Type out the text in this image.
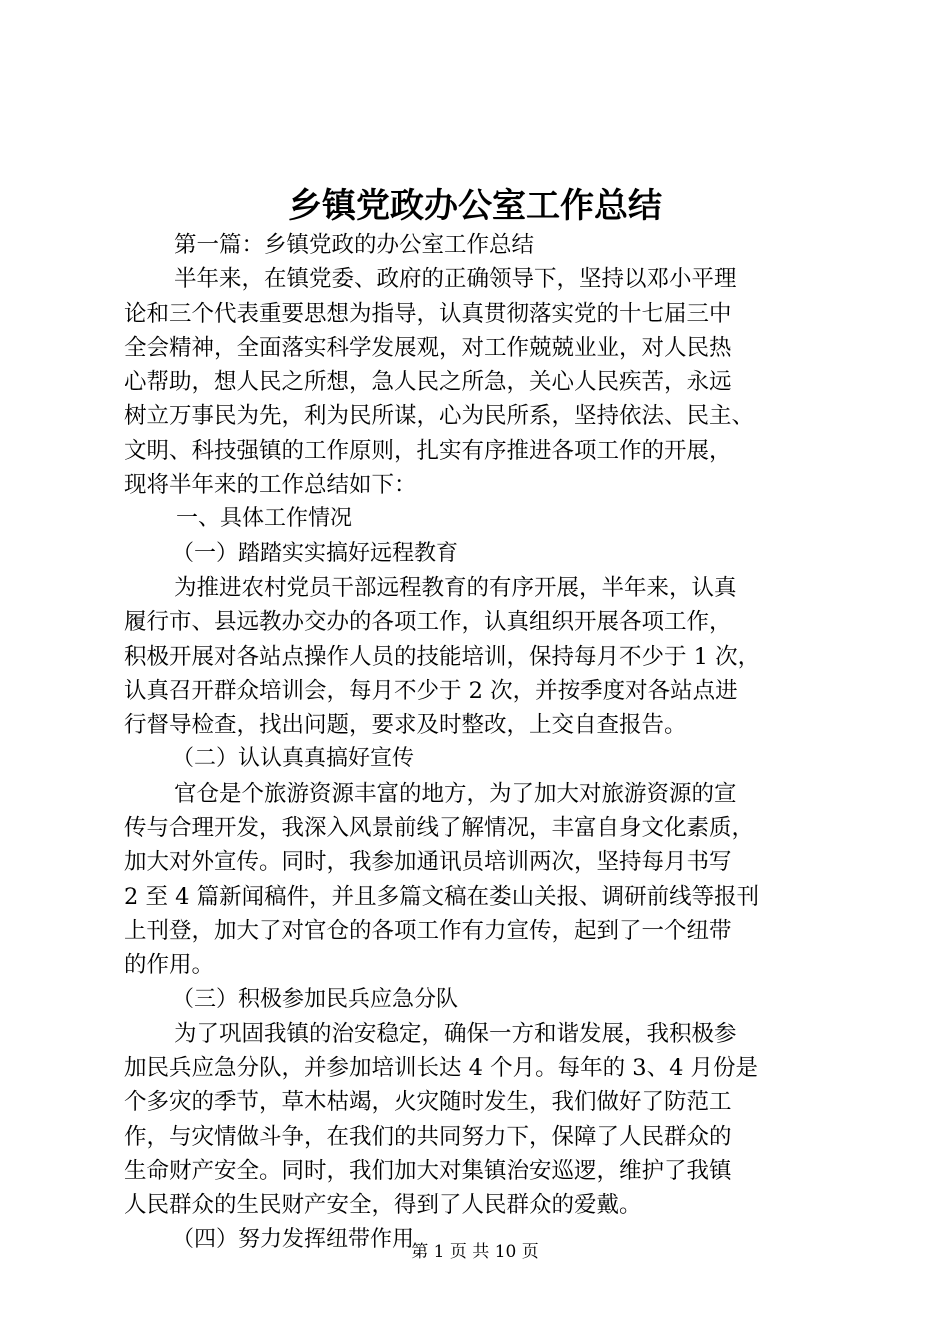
乡镇党政办公室工作总结
第一篇：乡镇党政的办公室工作总结
半年来，在镇党委、政府的正确领导下，坚持以邓小平理
论和三个代表重要思想为指导，认真贯彻落实党的十七届三中
全会精神，全面落实科学发展观，对工作兢兢业业，对人民热
心帮助，想人民之所想，急人民之所急，关心人民疾苦，永远
树立万事民为先，利为民所谋，心为民所系，坚持依法、民主、
文明、科技强镇的工作原则，扎实有序推进各项工作的开展，
现将半年来的工作总结如下：
一、具体工作情况
（一）踏踏实实搞好远程教育
为推进农村党员干部远程教育的有序开展，半年来，认真
履行市、县远教办交办的各项工作，认真组织开展各项工作，
积极开展对各站点操作人员的技能培训，保持每月不少于 1 次，
认真召开群众培训会，每月不少于 2 次，并按季度对各站点进
行督导检查，找出问题，要求及时整改，上交自查报告。
（二）认认真真搞好宣传
官仓是个旅游资源丰富的地方，为了加大对旅游资源的宣
传与合理开发，我深入风景前线了解情况，丰富自身文化素质，
加大对外宣传。同时，我参加通讯员培训两次，坚持每月书写
2 至 4 篇新闻稿件，并且多篇文稿在娄山关报、调研前线等报刊
上刊登，加大了对官仓的各项工作有力宣传，起到了一个纽带
的作用。
（三）积极参加民兵应急分队
为了巩固我镇的治安稳定，确保一方和谐发展，我积极参
加民兵应急分队，并参加培训长达 4 个月。每年的 3、4 月份是
个多灾的季节，草木枯竭，火灾随时发生，我们做好了防范工
作，与灾情做斗争，在我们的共同努力下，保障了人民群众的
生命财产安全。同时，我们加大对集镇治安巡逻，维护了我镇
人民群众的生民财产安全，得到了人民群众的爱戴。
（四）努力发挥纽带作用
第 1 页 共 10 页
